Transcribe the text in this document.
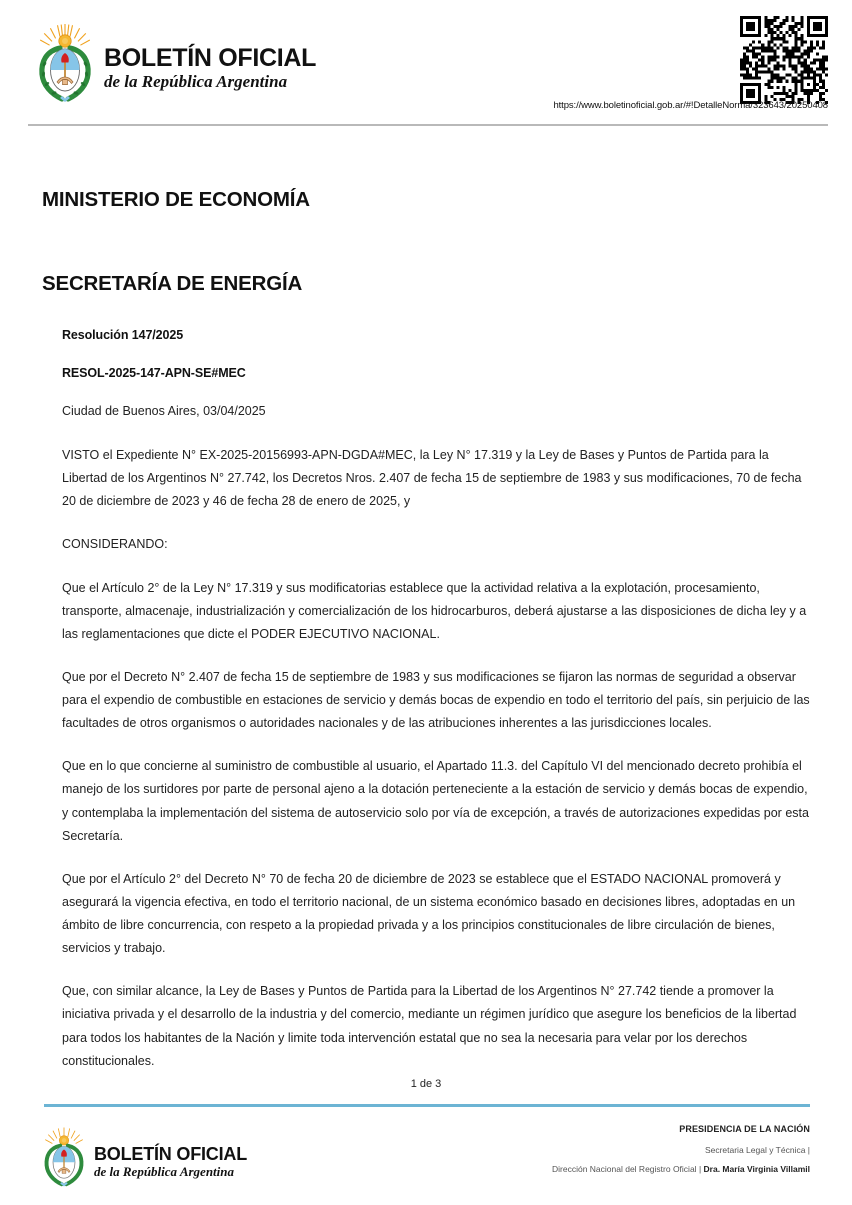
BOLETÍN OFICIAL
de la República Argentina
https://www.boletinoficial.gob.ar/#!DetalleNorma/323643/20250408
MINISTERIO DE ECONOMÍA
SECRETARÍA DE ENERGÍA

Resolución 147/2025

RESOL-2025-147-APN-SE#MEC

Ciudad de Buenos Aires, 03/04/2025

VISTO el Expediente N° EX-2025-20156993-APN-DGDA#MEC, la Ley N° 17.319 y la Ley de Bases y Puntos de Partida para la Libertad de los Argentinos N° 27.742, los Decretos Nros. 2.407 de fecha 15 de septiembre de 1983 y sus modificaciones, 70 de fecha 20 de diciembre de 2023 y 46 de fecha 28 de enero de 2025, y

CONSIDERANDO:

Que el Artículo 2° de la Ley N° 17.319 y sus modificatorias establece que la actividad relativa a la explotación, procesamiento, transporte, almacenaje, industrialización y comercialización de los hidrocarburos, deberá ajustarse a las disposiciones de dicha ley y a las reglamentaciones que dicte el PODER EJECUTIVO NACIONAL.

Que por el Decreto N° 2.407 de fecha 15 de septiembre de 1983 y sus modificaciones se fijaron las normas de seguridad a observar para el expendio de combustible en estaciones de servicio y demás bocas de expendio en todo el territorio del país, sin perjuicio de las facultades de otros organismos o autoridades nacionales y de las atribuciones inherentes a las jurisdicciones locales.

Que en lo que concierne al suministro de combustible al usuario, el Apartado 11.3. del Capítulo VI del mencionado decreto prohibía el manejo de los surtidores por parte de personal ajeno a la dotación perteneciente a la estación de servicio y demás bocas de expendio, y contemplaba la implementación del sistema de autoservicio solo por vía de excepción, a través de autorizaciones expedidas por esta Secretaría.

Que por el Artículo 2° del Decreto N° 70 de fecha 20 de diciembre de 2023 se establece que el ESTADO NACIONAL promoverá y asegurará la vigencia efectiva, en todo el territorio nacional, de un sistema económico basado en decisiones libres, adoptadas en un ámbito de libre concurrencia, con respeto a la propiedad privada y a los principios constitucionales de libre circulación de bienes, servicios y trabajo.

Que, con similar alcance, la Ley de Bases y Puntos de Partida para la Libertad de los Argentinos N° 27.742 tiende a promover la iniciativa privada y el desarrollo de la industria y del comercio, mediante un régimen jurídico que asegure los beneficios de la libertad para todos los habitantes de la Nación y limite toda intervención estatal que no sea la necesaria para velar por los derechos constitucionales.

1 de 3
BOLETÍN OFICIAL
de la República Argentina
PRESIDENCIA DE LA NACIÓN
Secretaria Legal y Técnica |
Dirección Nacional del Registro Oficial | Dra. María Virginia Villamil
